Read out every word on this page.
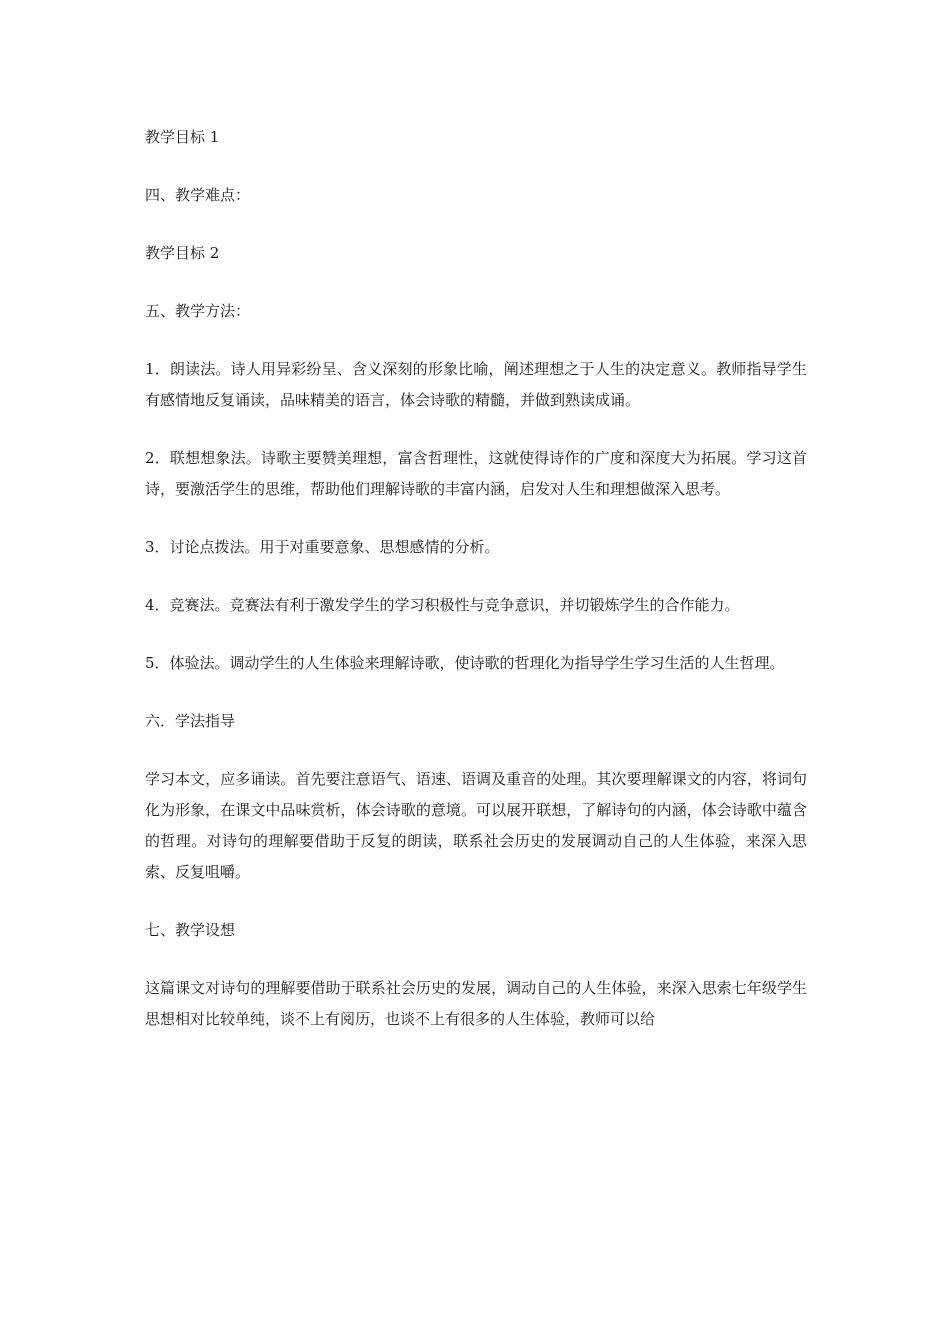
教学目标 1

四、教学难点：

教学目标 2

五、教学方法：

1．朗读法。诗人用异彩纷呈、含义深刻的形象比喻，阐述理想之于人生的决定意义。教师指导学生有感情地反复诵读，品味精美的语言，体会诗歌的精髓，并做到熟读成诵。

2．联想想象法。诗歌主要赞美理想，富含哲理性，这就使得诗作的广度和深度大为拓展。学习这首诗，要激活学生的思维，帮助他们理解诗歌的丰富内涵，启发对人生和理想做深入思考。

3．讨论点拨法。用于对重要意象、思想感情的分析。

4．竞赛法。竞赛法有利于激发学生的学习积极性与竞争意识，并切锻炼学生的合作能力。

5．体验法。调动学生的人生体验来理解诗歌，使诗歌的哲理化为指导学生学习生活的人生哲理。

六．学法指导

学习本文，应多诵读。首先要注意语气、语速、语调及重音的处理。其次要理解课文的内容，将词句化为形象，在课文中品味赏析，体会诗歌的意境。可以展开联想，了解诗句的内涵，体会诗歌中蕴含的哲理。对诗句的理解要借助于反复的朗读，联系社会历史的发展调动自己的人生体验，来深入思索、反复咀嚼。

七、教学设想

这篇课文对诗句的理解要借助于联系社会历史的发展，调动自己的人生体验，来深入思索七年级学生思想相对比较单纯，谈不上有阅历，也谈不上有很多的人生体验，教师可以给
